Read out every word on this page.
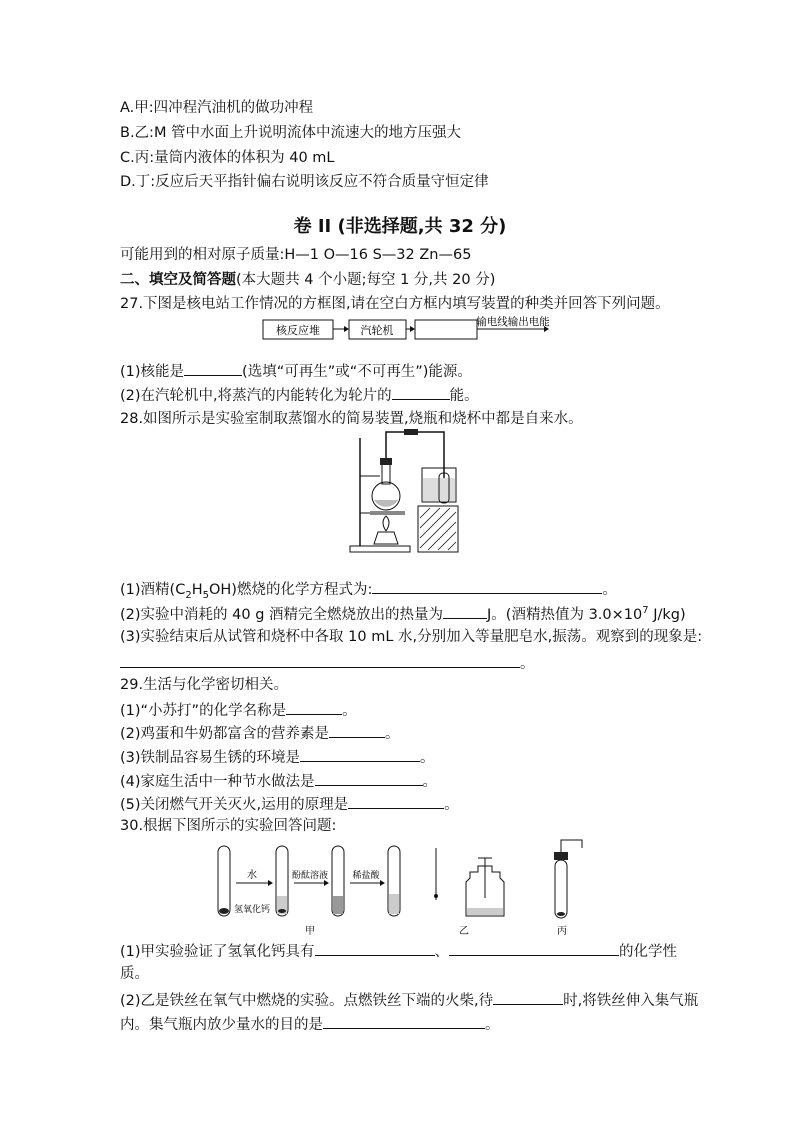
A.甲:四冲程汽油机的做功冲程
B.乙:M 管中水面上升说明流体中流速大的地方压强大
C.丙:量筒内液体的体积为 40 mL
D.丁:反应后天平指针偏右说明该反应不符合质量守恒定律
卷 II (非选择题,共 32 分)
可能用到的相对原子质量:H—1 O—16 S—32 Zn—65
二、填空及简答题(本大题共 4 个小题;每空 1 分,共 20 分)
27.下图是核电站工作情况的方框图,请在空白方框内填写装置的种类并回答下列问题。
核反应堆	汽轮机
输电线输出电能
(1)核能是	(选填“可再生”或“不可再生”)能源。
(2)在汽轮机中,将蒸汽的内能转化为轮片的	能。
28.如图所示是实验室制取蒸馏水的简易装置,烧瓶和烧杯中都是自来水。
(1)酒精$(C_2H_5OH)$燃烧的化学方程式为:	。
(2)实验中消耗的 40 g 酒精完全燃烧放出的热量为	J。(酒精热值为 $3.0\times 10^7$ J/kg)
(3)实验结束后从试管和烧杯中各取 10 mL 水,分别加入等量肥皂水,振荡。观察到的现象是:
。
29.生活与化学密切相关。
(1)“小苏打”的化学名称是	。
(2)鸡蛋和牛奶都富含的营养素是	。
(3)铁制品容易生锈的环境是	。
(4)家庭生活中一种节水做法是	。
(5)关闭燃气开关灭火,运用的原理是	。
30.根据下图所示的实验回答问题:
水
氢氧化钙
酚酞溶液	稀盐酸
甲	乙	丙
(1)甲实验验证了氢氧化钙具有	、	的化学性
质。
(2)乙是铁丝在氧气中燃烧的实验。点燃铁丝下端的火柴,待	时,将铁丝伸入集气瓶
内。集气瓶内放少量水的目的是	。
